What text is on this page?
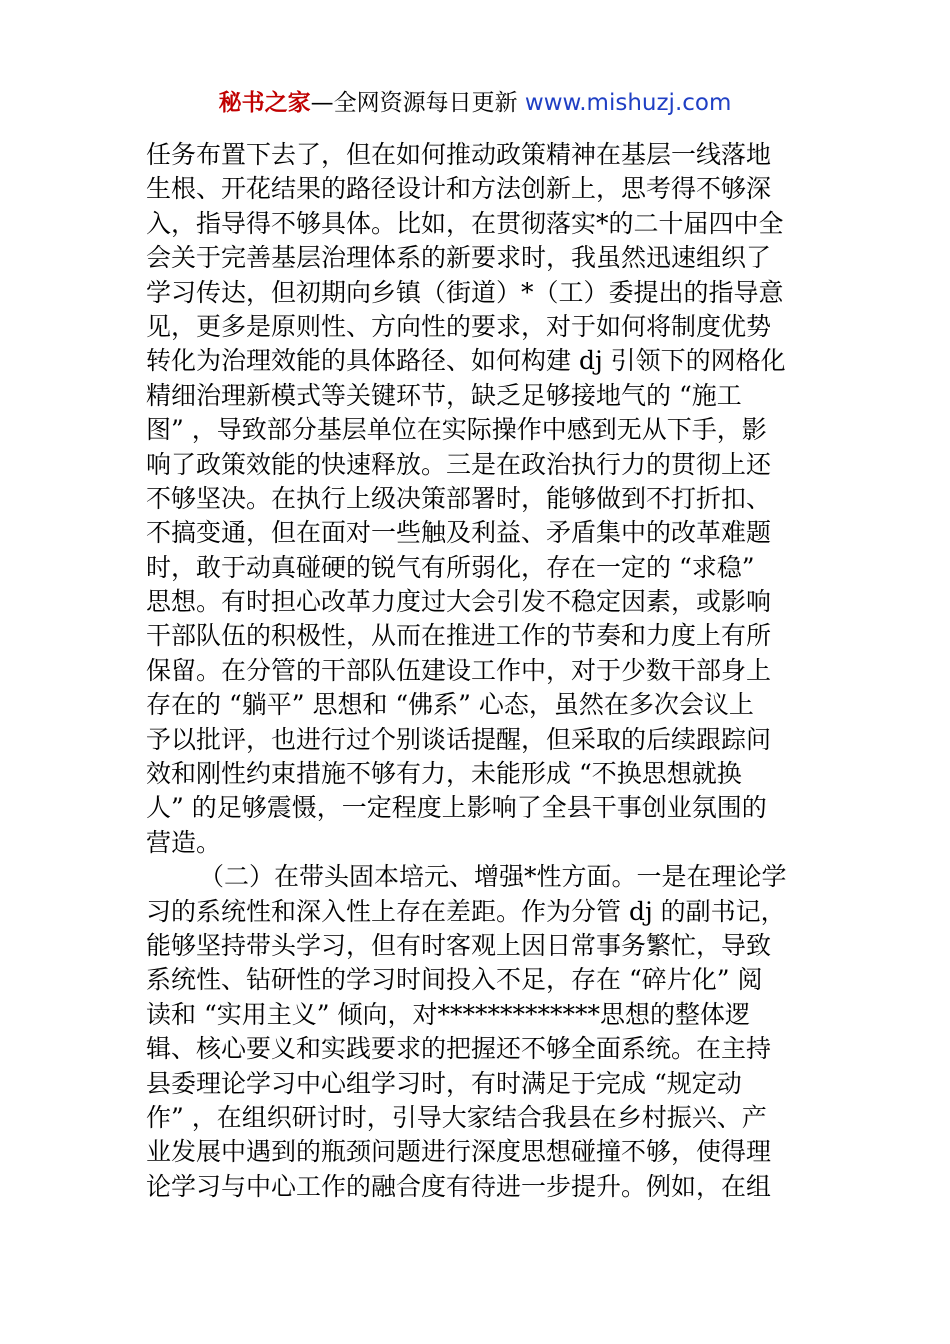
秘书之家—全网资源每日更新 www.mishuzj.com
任务布置下去了，但在如何推动政策精神在基层一线落地
生根、开花结果的路径设计和方法创新上，思考得不够深
入，指导得不够具体。比如，在贯彻落实*的二十届四中全
会关于完善基层治理体系的新要求时，我虽然迅速组织了
学习传达，但初期向乡镇（街道）*（工）委提出的指导意
见，更多是原则性、方向性的要求，对于如何将制度优势
转化为治理效能的具体路径、如何构建 dj 引领下的网格化
精细治理新模式等关键环节，缺乏足够接地气的 “施工
图” ，导致部分基层单位在实际操作中感到无从下手，影
响了政策效能的快速释放。三是在政治执行力的贯彻上还
不够坚决。在执行上级决策部署时，能够做到不打折扣、
不搞变通，但在面对一些触及利益、矛盾集中的改革难题
时，敢于动真碰硬的锐气有所弱化，存在一定的 “求稳”
思想。有时担心改革力度过大会引发不稳定因素，或影响
干部队伍的积极性，从而在推进工作的节奏和力度上有所
保留。在分管的干部队伍建设工作中，对于少数干部身上
存在的 “躺平” 思想和 “佛系” 心态，虽然在多次会议上
予以批评，也进行过个别谈话提醒，但采取的后续跟踪问
效和刚性约束措施不够有力，未能形成 “不换思想就换
人” 的足够震慑，一定程度上影响了全县干事创业氛围的
营造。
（二）在带头固本培元、增强*性方面。一是在理论学
习的系统性和深入性上存在差距。作为分管 dj 的副书记，
能够坚持带头学习，但有时客观上因日常事务繁忙，导致
系统性、钻研性的学习时间投入不足，存在 “碎片化” 阅
读和 “实用主义” 倾向，对*************思想的整体逻
辑、核心要义和实践要求的把握还不够全面系统。在主持
县委理论学习中心组学习时，有时满足于完成 “规定动
作” ，在组织研讨时，引导大家结合我县在乡村振兴、产
业发展中遇到的瓶颈问题进行深度思想碰撞不够，使得理
论学习与中心工作的融合度有待进一步提升。例如，在组
